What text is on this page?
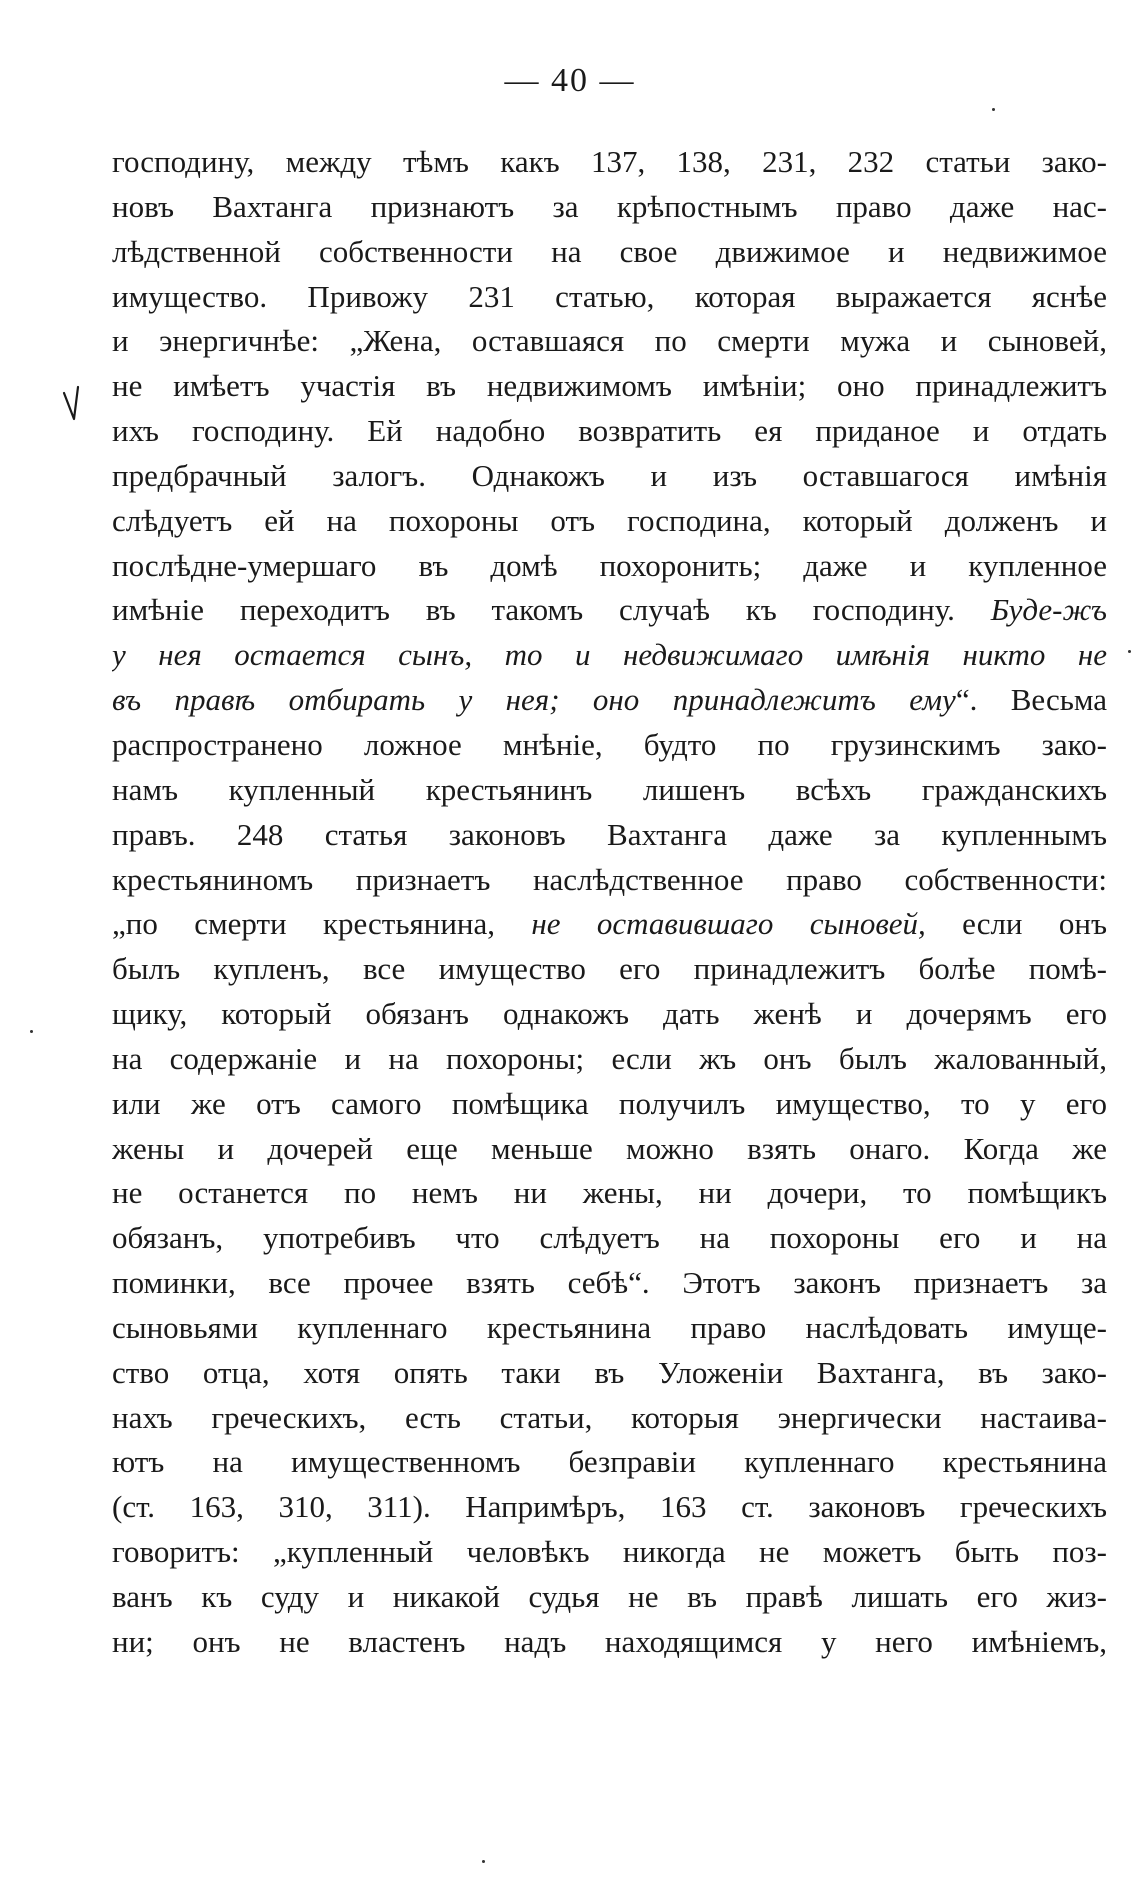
— 40 —
господину, между тѣмъ какъ 137, 138, 231, 232 статьи зако-
новъ Вахтанга признаютъ за крѣпостнымъ право даже нас-
лѣдственной собственности на свое движимое и недвижимое
имущество. Привожу 231 статью, которая выражается яснѣе
и энергичнѣе: „Жена, оставшаяся по смерти мужа и сыновей,
не имѣетъ участія въ недвижимомъ имѣніи; оно принадлежитъ
ихъ господину. Ей надобно возвратить ея приданое и отдать
предбрачный залогъ. Однакожъ и изъ оставшагося имѣнія
слѣдуетъ ей на похороны отъ господина, который долженъ и
послѣдне-умершаго въ домѣ похоронить; даже и купленное
имѣніе переходитъ въ такомъ случаѣ къ господину. Буде-жъ
у нея остается сынъ, то и недвижимаго имѣнія никто не
въ правѣ отбирать у нея; оно принадлежитъ ему“. Весьма
распространено ложное мнѣніе, будто по грузинскимъ зако-
намъ купленный крестьянинъ лишенъ всѣхъ гражданскихъ
правъ. 248 статья законовъ Вахтанга даже за купленнымъ
крестьяниномъ признаетъ наслѣдственное право собственности:
„по смерти крестьянина, не оставившаго сыновей, если онъ
былъ купленъ, все имущество его принадлежитъ болѣе помѣ-
щику, который обязанъ однакожъ дать женѣ и дочерямъ его
на содержаніе и на похороны; если жъ онъ былъ жалованный,
или же отъ самого помѣщика получилъ имущество, то у его
жены и дочерей еще меньше можно взять онаго. Когда же
не останется по немъ ни жены, ни дочери, то помѣщикъ
обязанъ, употребивъ что слѣдуетъ на похороны его и на
поминки, все прочее взять себѣ“. Этотъ законъ признаетъ за
сыновьями купленнаго крестьянина право наслѣдовать имуще-
ство отца, хотя опять таки въ Уложеніи Вахтанга, въ зако-
нахъ греческихъ, есть статьи, которыя энергически настаива-
ютъ на имущественномъ безправіи купленнаго крестьянина
(ст. 163, 310, 311). Напримѣръ, 163 ст. законовъ греческихъ
говоритъ: „купленный человѣкъ никогда не можетъ быть поз-
ванъ къ суду и никакой судья не въ правѣ лишать его жиз-
ни; онъ не властенъ надъ находящимся у него имѣніемъ,
